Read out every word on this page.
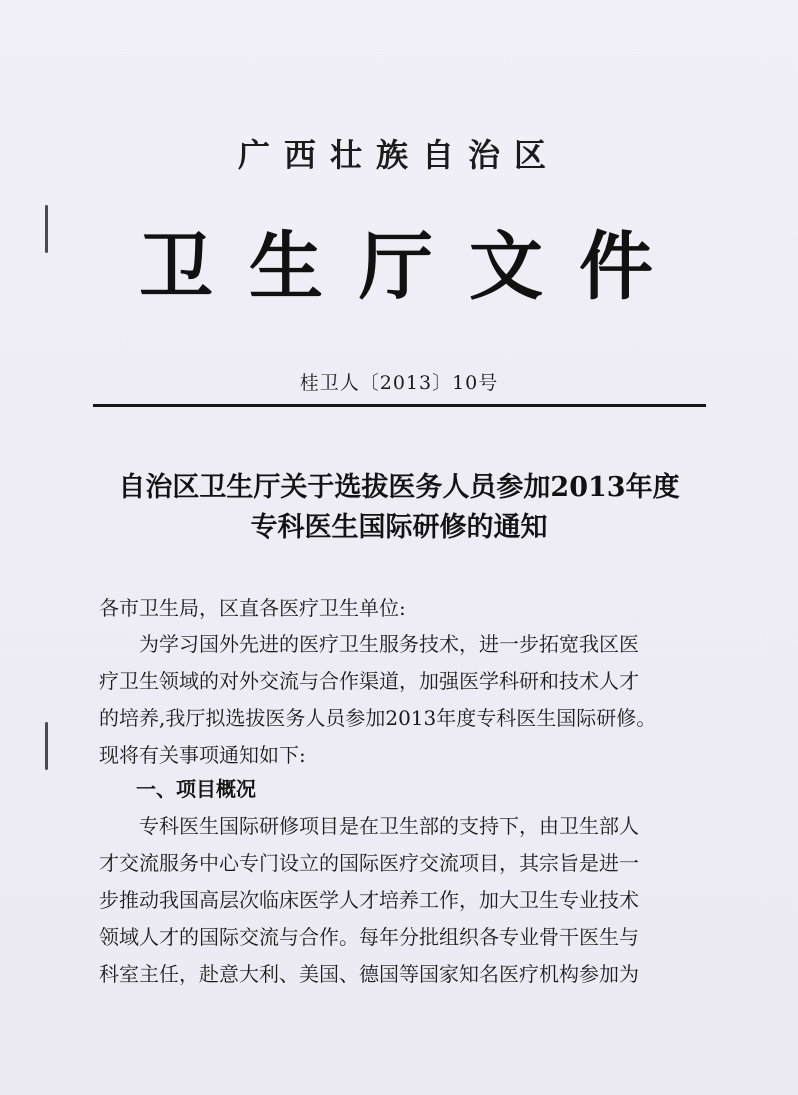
广西壮族自治区
卫生厅文件
桂卫人〔2013〕10号
自治区卫生厅关于选拔医务人员参加2013年度
专科医生国际研修的通知
各市卫生局，区直各医疗卫生单位:
为学习国外先进的医疗卫生服务技术，进一步拓宽我区医
疗卫生领域的对外交流与合作渠道，加强医学科研和技术人才
的培养,我厅拟选拔医务人员参加2013年度专科医生国际研修。
现将有关事项通知如下:
一、项目概况
专科医生国际研修项目是在卫生部的支持下，由卫生部人
才交流服务中心专门设立的国际医疗交流项目，其宗旨是进一
步推动我国高层次临床医学人才培养工作，加大卫生专业技术
领域人才的国际交流与合作。每年分批组织各专业骨干医生与
科室主任，赴意大利、美国、德国等国家知名医疗机构参加为
